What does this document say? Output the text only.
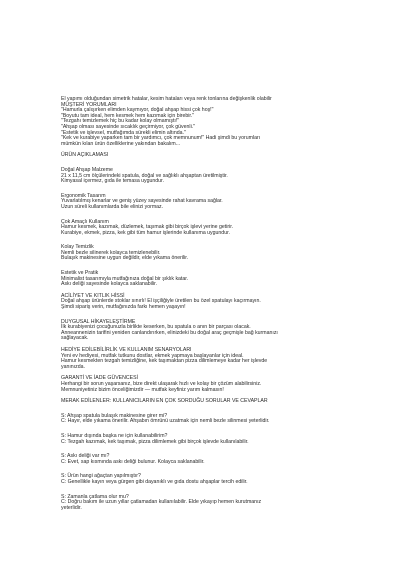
El yapımı olduğundan simetrik hatalar, kesim hataları veya renk tonlarına değişkenlik olabilir
MÜŞTERİ YORUMLARI
"Hamurla çalışırken elimden kaymıyor, doğal ahşap hissi çok hoş!"
"Boyutu tam ideal, hem kesmek hem kazımak için birebir."
"Tezgahı temizlemek hiç bu kadar kolay olmamıştı!"
"Ahşap olması sayesinde sıcaklık geçirmiyor, çok güvenli."
"Estetik ve işlevsel, mutfağımda sürekli elimin altında."
"Kek ve kurabiye yaparken tam bir yardımcı, çok memnunum!" Hadi şimdi bu yorumları
mümkün kılan ürün özelliklerine yakından bakalım...
ÜRÜN AÇIKLAMASI
Doğal Ahşap Malzeme
21 x 11,5 cm ölçülerindeki spatula, doğal ve sağlıklı ahşaptan üretilmiştir.
Kimyasal içermez, gıda ile temasa uygundur.
Ergonomik Tasarım
Yuvarlatılmış kenarlar ve geniş yüzey sayesinde rahat kavrama sağlar.
Uzun süreli kullanımlarda bile elinizi yormaz.
Çok Amaçlı Kullanım
Hamur kesmek, kazımak, düzlemek, taşımak gibi birçok işlevi yerine getirir.
Kurabiye, ekmek, pizza, kek gibi tüm hamur işlerinde kullanıma uygundur.
Kolay Temizlik
Nemli bezle silinerek kolayca temizlenebilir.
Bulaşık makinesine uygun değildir, elde yıkama önerilir.
Estetik ve Pratik
Minimalist tasarımıyla mutfağınıza doğal bir şıklık katar.
Askı deliği sayesinde kolayca saklanabilir.
ACİLİYET VE KITLIK HİSSİ
Doğal ahşap ürünlerde stoklar sınırlı! El işçiliğiyle üretilen bu özel spatulayı kaçırmayın.
Şimdi sipariş verin, mutfağınızda farkı hemen yaşayın!
DUYGUSAL HİKAYELEŞTİRME
İlk kurabiyenizi çocuğunuzla birlikte keserken, bu spatula o anın bir parçası olacak.
Anneannenizin tarifini yeniden canlandırırken, elinizdeki bu doğal araç geçmişle bağ kurmanızı
sağlayacak.
HEDİYE EDİLEBİLİRLİK VE KULLANIM SENARYOLARI
Yeni ev hediyesi, mutfak tutkunu dostlar, ekmek yapmaya başlayanlar için ideal.
Hamur kesmekten tezgah temizliğine, kek taşımaktan pizza dilimlemeye kadar her işlevde
yanınızda.
GARANTİ VE İADE GÜVENCESİ
Herhangi bir sorun yaşarsanız, bize direkt ulaşarak hızlı ve kolay bir çözüm alabilirsiniz.
Memnuniyetiniz bizim önceliğimizdir — mutfak keyfiniz yarım kalmasın!
MERAK EDİLENLER: KULLANICILARIN EN ÇOK SORDUĞU SORULAR VE CEVAPLAR
S: Ahşap spatula bulaşık makinesine girer mi?
C: Hayır, elde yıkama önerilir. Ahşabın ömrünü uzatmak için nemli bezle silinmesi yeterlidir.
S: Hamur dışında başka ne için kullanabilirim?
C: Tezgah kazımak, kek taşımak, pizza dilimlemek gibi birçok işlevde kullanılabilir.
S: Askı deliği var mı?
C: Evet, sap kısmında askı deliği bulunur. Kolayca saklanabilir.
S: Ürün hangi ağaçtan yapılmıştır?
C: Genellikle kayın veya gürgen gibi dayanıklı ve gıda dostu ahşaplar tercih edilir.
S: Zamanla çatlama olur mu?
C: Doğru bakım ile uzun yıllar çatlamadan kullanılabilir. Elde yıkayıp hemen kurutmanız
yeterlidir.
